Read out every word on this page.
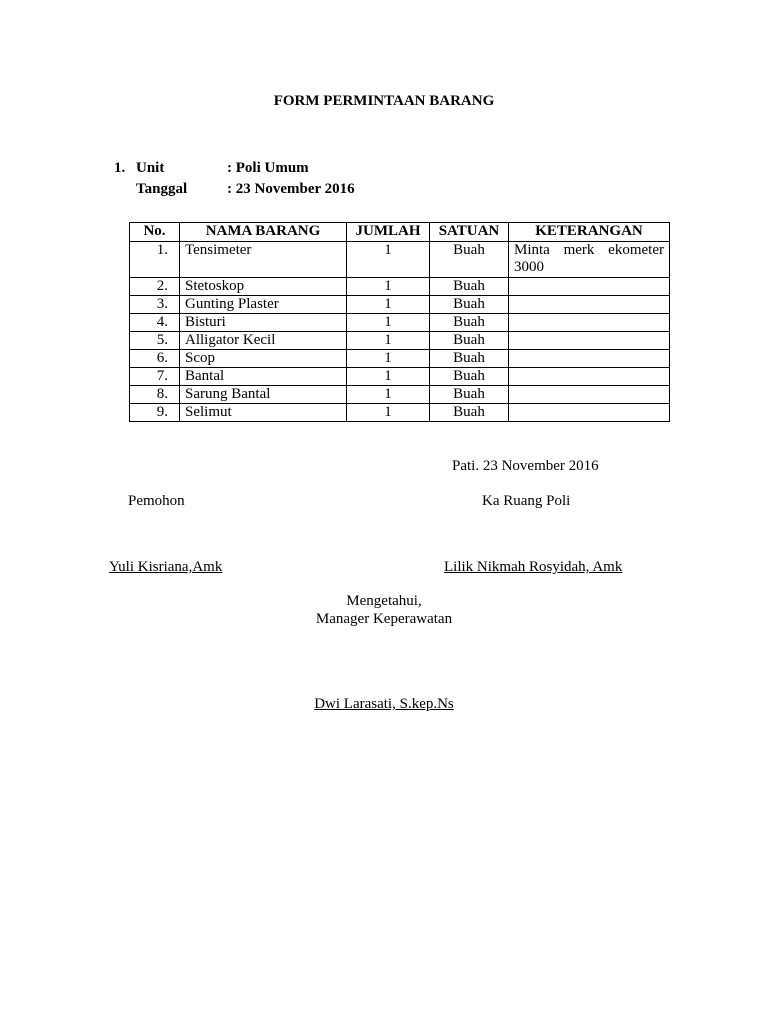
FORM PERMINTAAN BARANG
1. Unit	: Poli Umum
Tanggal	: 23 November 2016
No.	NAMA BARANG	JUMLAH	SATUAN	KETERANGAN
1.	Tensimeter	1	Buah	Minta merk ekometer 3000

2.	Stetoskop	1	Buah	
3.	Gunting Plaster	1	Buah	
4.	Bisturi	1	Buah	
5.	Alligator Kecil	1	Buah	
6.	Scop	1	Buah	
7.	Bantal	1	Buah	
8.	Sarung Bantal	1	Buah	
9.	Selimut	1	Buah	
Pati. 23 November 2016
Pemohon	Ka Ruang Poli
Yuli Kisriana,Amk	Lilik Nikmah Rosyidah, Amk
Mengetahui,
Manager Keperawatan
Dwi Larasati, S.kep.Ns
